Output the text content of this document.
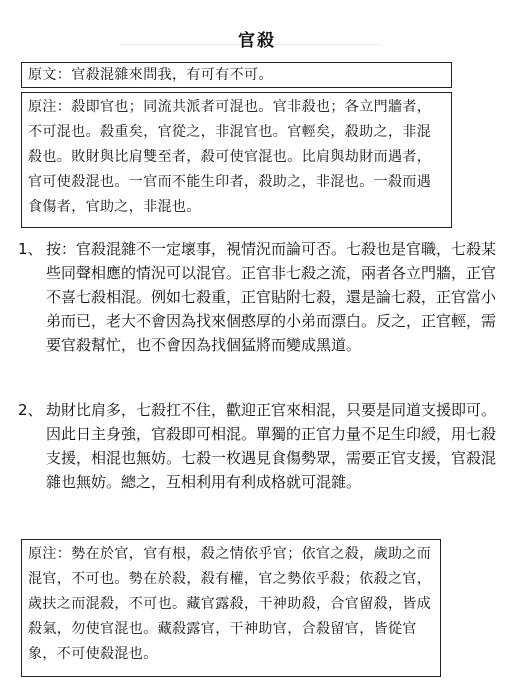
官殺

原文：官殺混雜來問我，有可有不可。

原注：殺即官也；同流共派者可混也。官非殺也；各立門牆者，不可混也。殺重矣，官從之，非混官也。官輕矣，殺助之，非混殺也。敗財與比肩雙至者，殺可使官混也。比肩與劫財而遇者，官可使殺混也。一官而不能生印者，殺助之，非混也。一殺而遇食傷者，官助之，非混也。

1、 按：官殺混雜不一定壞事，視情況而論可否。七殺也是官職，七殺某些同聲相應的情況可以混官。正官非七殺之流，兩者各立門牆，正官不喜七殺相混。例如七殺重，正官貼附七殺，還是論七殺，正官當小弟而已，老大不會因為找來個憨厚的小弟而漂白。反之，正官輕，需要官殺幫忙，也不會因為找個猛將而變成黑道。
2、 劫財比肩多，七殺扛不住，歡迎正官來相混，只要是同道支援即可。因此日主身強，官殺即可相混。單獨的正官力量不足生印綬，用七殺支援，相混也無妨。七殺一枚遇見食傷勢眾，需要正官支援，官殺混雜也無妨。總之，互相利用有利成格就可混雜。

原注：勢在於官，官有根，殺之情依乎官；依官之殺，歲助之而混官，不可也。勢在於殺，殺有權，官之勢依乎殺；依殺之官，歲扶之而混殺，不可也。藏官露殺，干神助殺，合官留殺，皆成殺氣，勿使官混也。藏殺露官，干神助官，合殺留官，皆從官象，不可使殺混也。
